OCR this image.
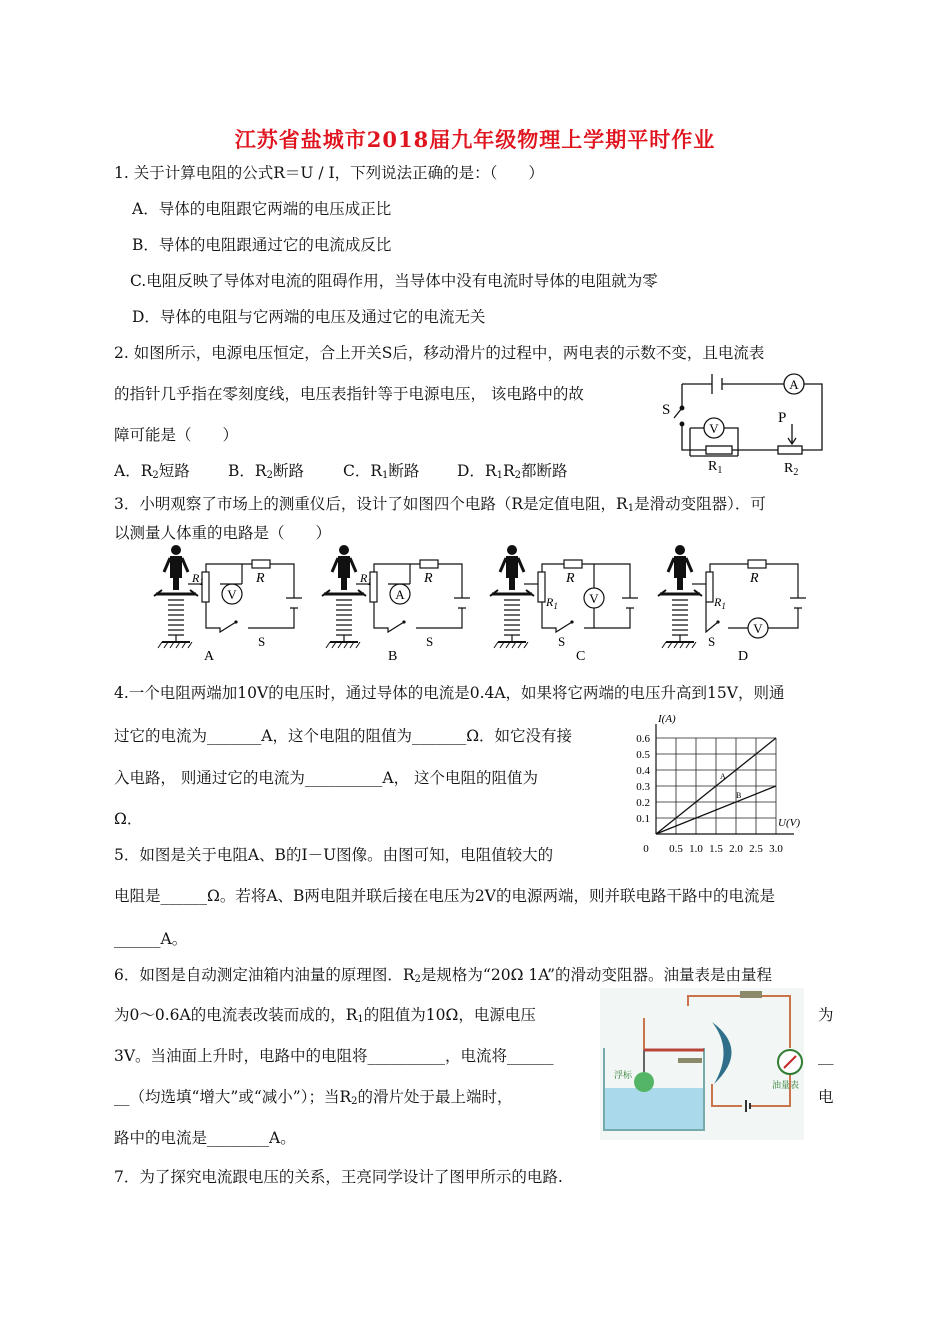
江苏省盐城市2018届九年级物理上学期平时作业
1. 关于计算电阻的公式R＝U / I，下列说法正确的是：（　　）
A．导体的电阻跟它两端的电压成正比
B．导体的电阻跟通过它的电流成反比
C.电阻反映了导体对电流的阻碍作用，当导体中没有电流时导体的电阻就为零
D．导体的电阻与它两端的电压及通过它的电流无关
2. 如图所示，电源电压恒定，合上开关S后，移动滑片的过程中，两电表的示数不变，且电流表
的指针几乎指在零刻度线，电压表指针等于电源电压， 该电路中的故
障可能是（　　）
A．$R_2$短路 B．$R_2$断路	C．$R_1$断路 D．$R_1R_2$都断路
A
V
S	P
$R_1$	$R_2$
3．小明观察了市场上的测重仪后，设计了如图四个电路（R是定值电阻，$R_1$是滑动变阻器）．可
以测量人体重的电路是（　　）
V
R
$R_1$
S
A
A
R
$R_1$
S
B
V
R
$R_1$
S
C
V
R
$R_1$
S
D
4.一个电阻两端加10V的电压时，通过导体的电流是0.4A，如果将它两端的电压升高到15V，则通
过它的电流为_______A，这个电阻的阻值为_______Ω．如它没有接
入电路， 则通过它的电流为__________A， 这个电阻的阻值为
Ω．
5．如图是关于电阻A、B的I－U图像。由图可知，电阻值较大的
电阻是______Ω。若将A、B两电阻并联后接在电压为2V的电源两端，则并联电路干路中的电流是
______A。
0.6
0.5
0.4
0.3
0.2
0.1
0 0.5 1.0 1.5 2.0 2.5 3.0
I(A)
U(V)
A
B
6．如图是自动测定油箱内油量的原理图．$R_2$是规格为“20Ω 1A”的滑动变阻器。油量表是由量程
为0～0.6A的电流表改装而成的，$R_1$的阻值为10Ω，电源电压	为
3V。当油面上升时，电路中的电阻将__________，电流将______	__
__（均选填“增大”或“减小”）；当$R_2$的滑片处于最上端时，	电
路中的电流是________A。
浮标
油量表
7．为了探究电流跟电压的关系，王亮同学设计了图甲所示的电路.
